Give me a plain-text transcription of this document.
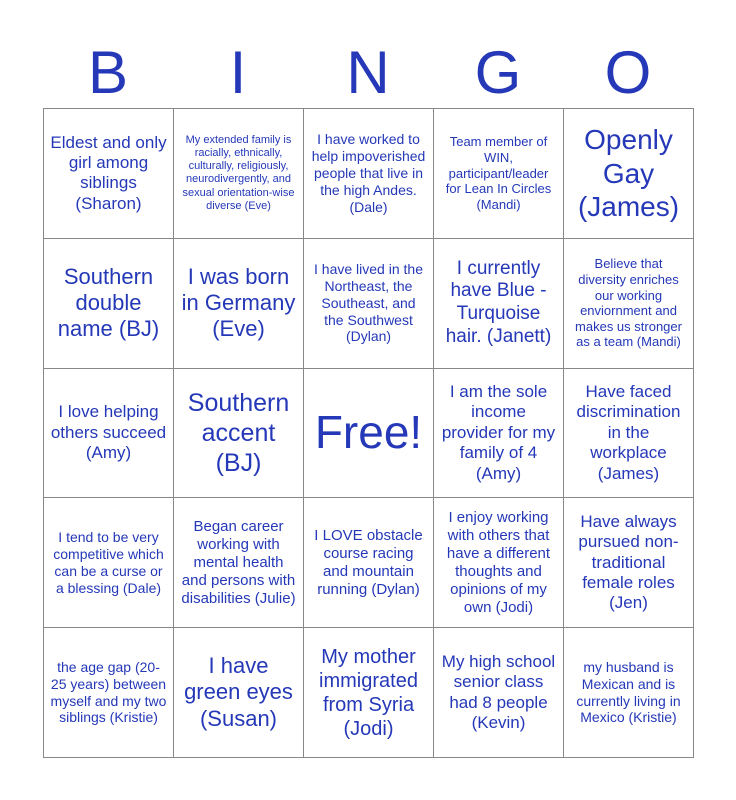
B	I	N	G	O
Eldest and only girl among siblings (Sharon)
My extended family is racially, ethnically, culturally, religiously, neurodivergently, and sexual orientation-wise diverse (Eve)
I have worked to help impoverished people that live in the high Andes. (Dale)
Team member of WIN, participant/leader for Lean In Circles (Mandi)
Openly Gay (James)
Southern double name (BJ)
I was born in Germany (Eve)
I have lived in the Northeast, the Southeast, and the Southwest (Dylan)
I currently have Blue - Turquoise hair. (Janett)
Believe that diversity enriches our working enviornment and makes us stronger as a team (Mandi)
I love helping others succeed (Amy)
Southern accent (BJ)
Free!
I am the sole income provider for my family of 4 (Amy)
Have faced discrimination in the workplace (James)
I tend to be very competitive which can be a curse or a blessing (Dale)
Began career working with mental health and persons with disabilities (Julie)
I LOVE obstacle course racing and mountain running (Dylan)
I enjoy working with others that have a different thoughts and opinions of my own (Jodi)
Have always pursued non-traditional female roles (Jen)
the age gap (20-25 years) between myself and my two siblings (Kristie)
I have green eyes (Susan)
My mother immigrated from Syria (Jodi)
My high school senior class had 8 people (Kevin)
my husband is Mexican and is currently living in Mexico (Kristie)
